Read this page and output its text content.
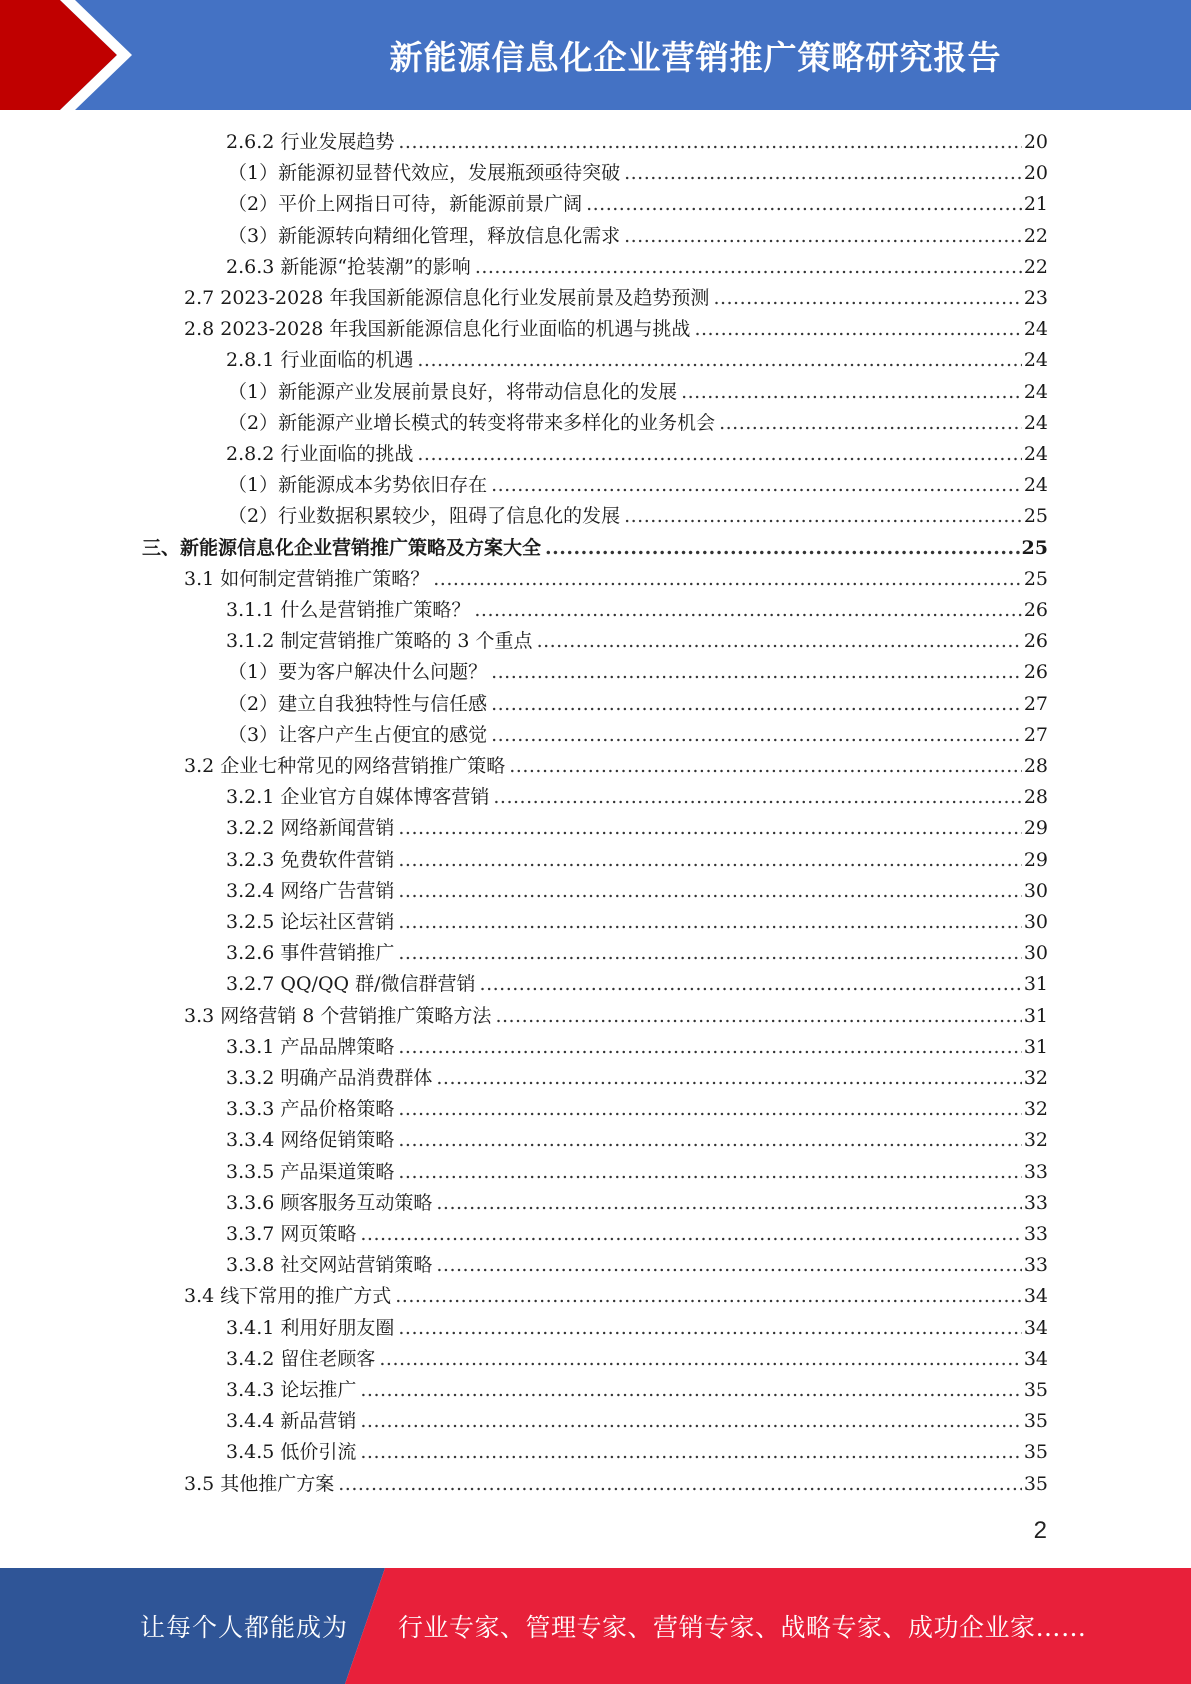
新能源信息化企业营销推广策略研究报告
2.6.2 行业发展趋势 .....	20
（1）新能源初显替代效应，发展瓶颈亟待突破 .....	20
（2）平价上网指日可待，新能源前景广阔 .....	21
（3）新能源转向精细化管理，释放信息化需求 .....	22
2.6.3 新能源“抢装潮”的影响 .....	22
2.7 2023-2028 年我国新能源信息化行业发展前景及趋势预测 .....	23
2.8 2023-2028 年我国新能源信息化行业面临的机遇与挑战 .....	24
2.8.1 行业面临的机遇 .....	24
（1）新能源产业发展前景良好，将带动信息化的发展 .....	24
（2）新能源产业增长模式的转变将带来多样化的业务机会 .....	24
2.8.2 行业面临的挑战 .....	24
（1）新能源成本劣势依旧存在 .....	24
（2）行业数据积累较少，阻碍了信息化的发展 .....	25
三、新能源信息化企业营销推广策略及方案大全 .....	25
3.1 如何制定营销推广策略？ .....	25
3.1.1 什么是营销推广策略？ .....	26
3.1.2 制定营销推广策略的 3 个重点 .....	26
（1）要为客户解决什么问题？ .....	26
（2）建立自我独特性与信任感 .....	27
（3）让客户产生占便宜的感觉 .....	27
3.2 企业七种常见的网络营销推广策略 .....	28
3.2.1 企业官方自媒体博客营销 .....	28
3.2.2 网络新闻营销 .....	29
3.2.3 免费软件营销 .....	29
3.2.4 网络广告营销 .....	30
3.2.5 论坛社区营销 .....	30
3.2.6 事件营销推广 .....	30
3.2.7 QQ/QQ 群/微信群营销 .....	31
3.3 网络营销 8 个营销推广策略方法 .....	31
3.3.1 产品品牌策略 .....	31
3.3.2 明确产品消费群体 .....	32
3.3.3 产品价格策略 .....	32
3.3.4 网络促销策略 .....	32
3.3.5 产品渠道策略 .....	33
3.3.6 顾客服务互动策略 .....	33
3.3.7 网页策略 .....	33
3.3.8 社交网站营销策略 .....	33
3.4 线下常用的推广方式 .....	34
3.4.1 利用好朋友圈 .....	34
3.4.2 留住老顾客 .....	34
3.4.3 论坛推广 .....	35
3.4.4 新品营销 .....	35
3.4.5 低价引流 .....	35
3.5 其他推广方案 .....	35
2
让每个人都能成为 行业专家、管理专家、营销专家、战略专家、成功企业家……
